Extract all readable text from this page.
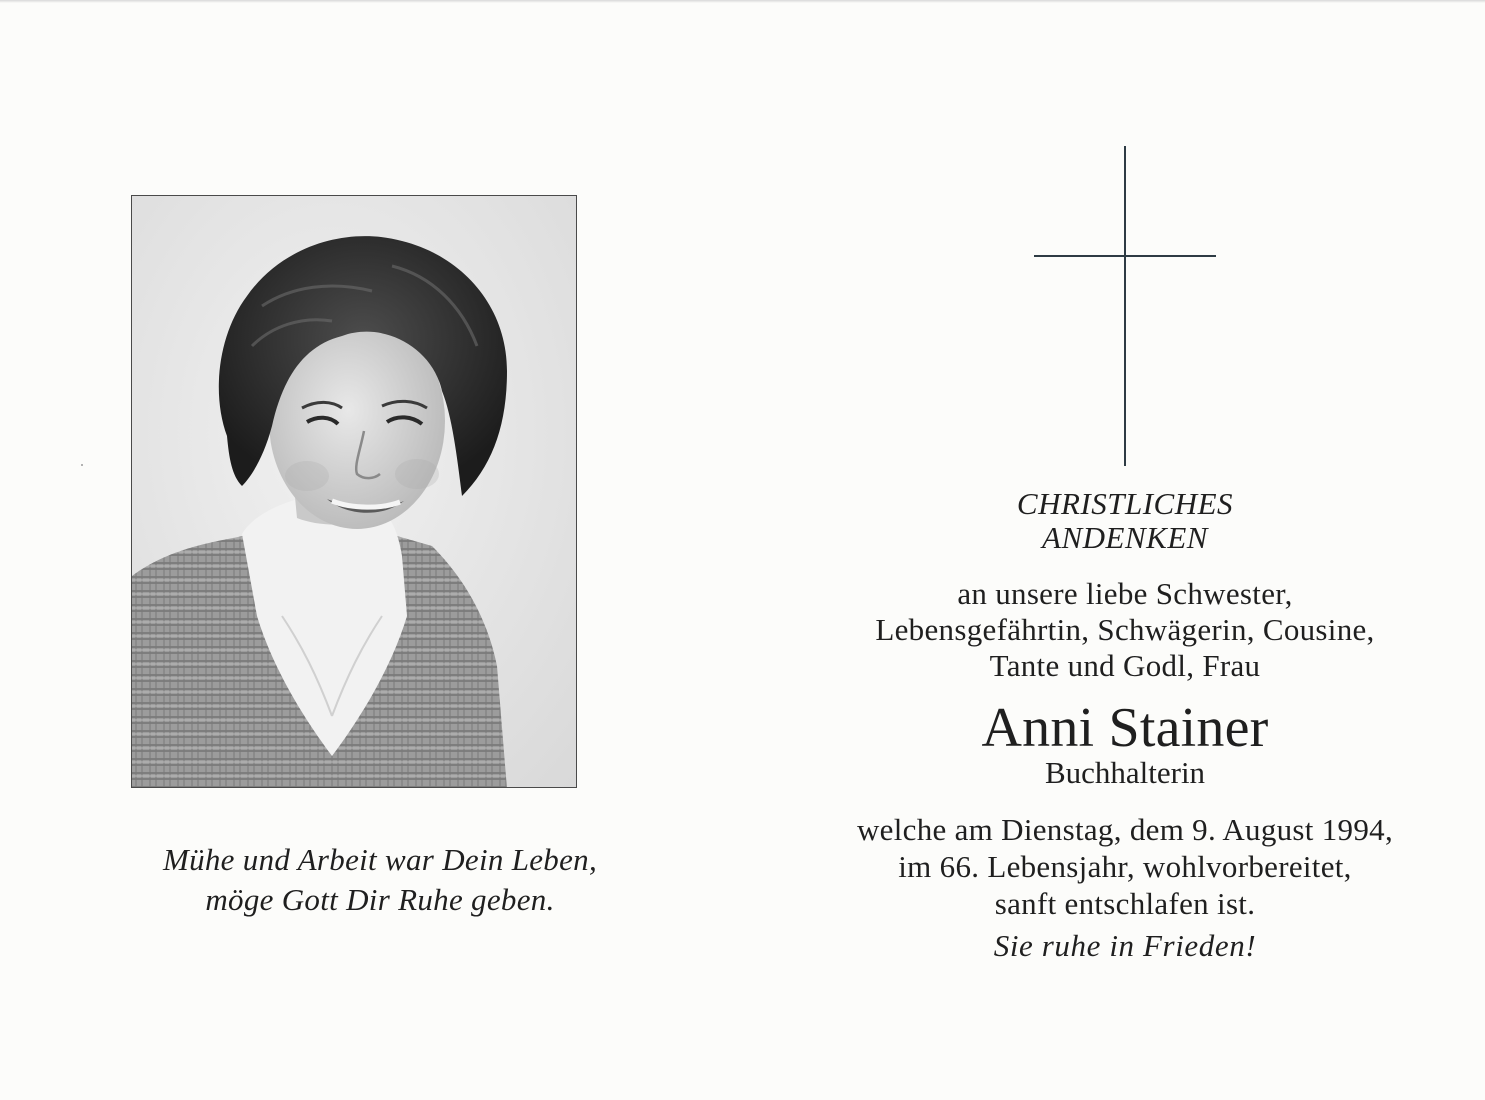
Mühe und Arbeit war Dein Leben,
möge Gott Dir Ruhe geben.
CHRISTLICHES
ANDENKEN
an unsere liebe Schwester,
Lebensgefährtin, Schwägerin, Cousine,
Tante und Godl, Frau
Anni Stainer
Buchhalterin
welche am Dienstag, dem 9. August 1994,
im 66. Lebensjahr, wohlvorbereitet,
sanft entschlafen ist.
Sie ruhe in Frieden!
